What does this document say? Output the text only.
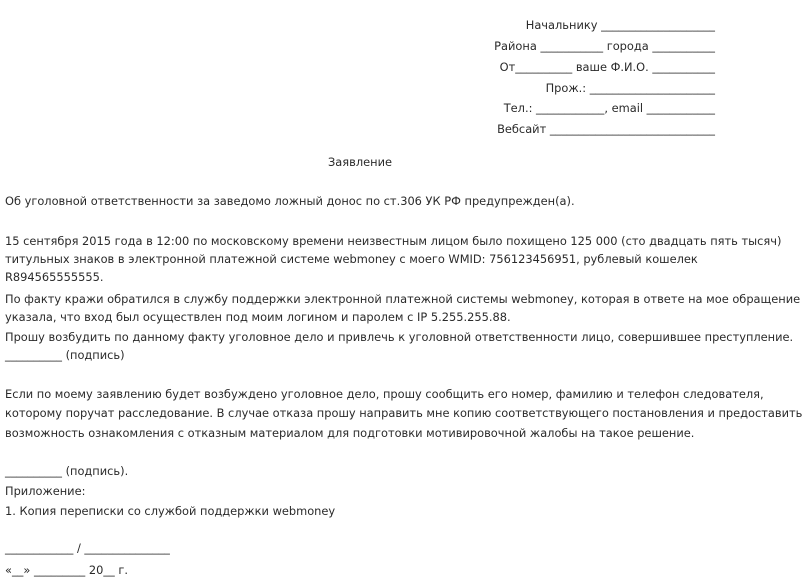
Начальнику ____________________
Района ___________ города ___________
От__________ ваше Ф.И.О. ___________
Прож.: ______________________
Тел.: ____________, email ____________
Вебсайт _____________________________
Заявление
Об уголовной ответственности за заведомо ложный донос по ст.306 УК РФ предупрежден(а).
15 сентября 2015 года в 12:00 по московскому времени неизвестным лицом было похищено 125 000 (сто двадцать пять тысяч)
титульных знаков в электронной платежной системе webmoney с моего WMID: 756123456951, рублевый кошелек
R894565555555.
По факту кражи обратился в службу поддержки электронной платежной системы webmoney, которая в ответе на мое обращение
указала, что вход был осуществлен под моим логином и паролем с IP 5.255.255.88.
Прошу возбудить по данному факту уголовное дело и привлечь к уголовной ответственности лицо, совершившее преступление.
__________ (подпись)
Если по моему заявлению будет возбуждено уголовное дело, прошу сообщить его номер, фамилию и телефон следователя,
которому поручат расследование. В случае отказа прошу направить мне копию соответствующего постановления и предоставить
возможность ознакомления с отказным материалом для подготовки мотивировочной жалобы на такое решение.
__________ (подпись).
Приложение:
1. Копия переписки со службой поддержки webmoney
____________ / _______________
«__» _________ 20__ г.
